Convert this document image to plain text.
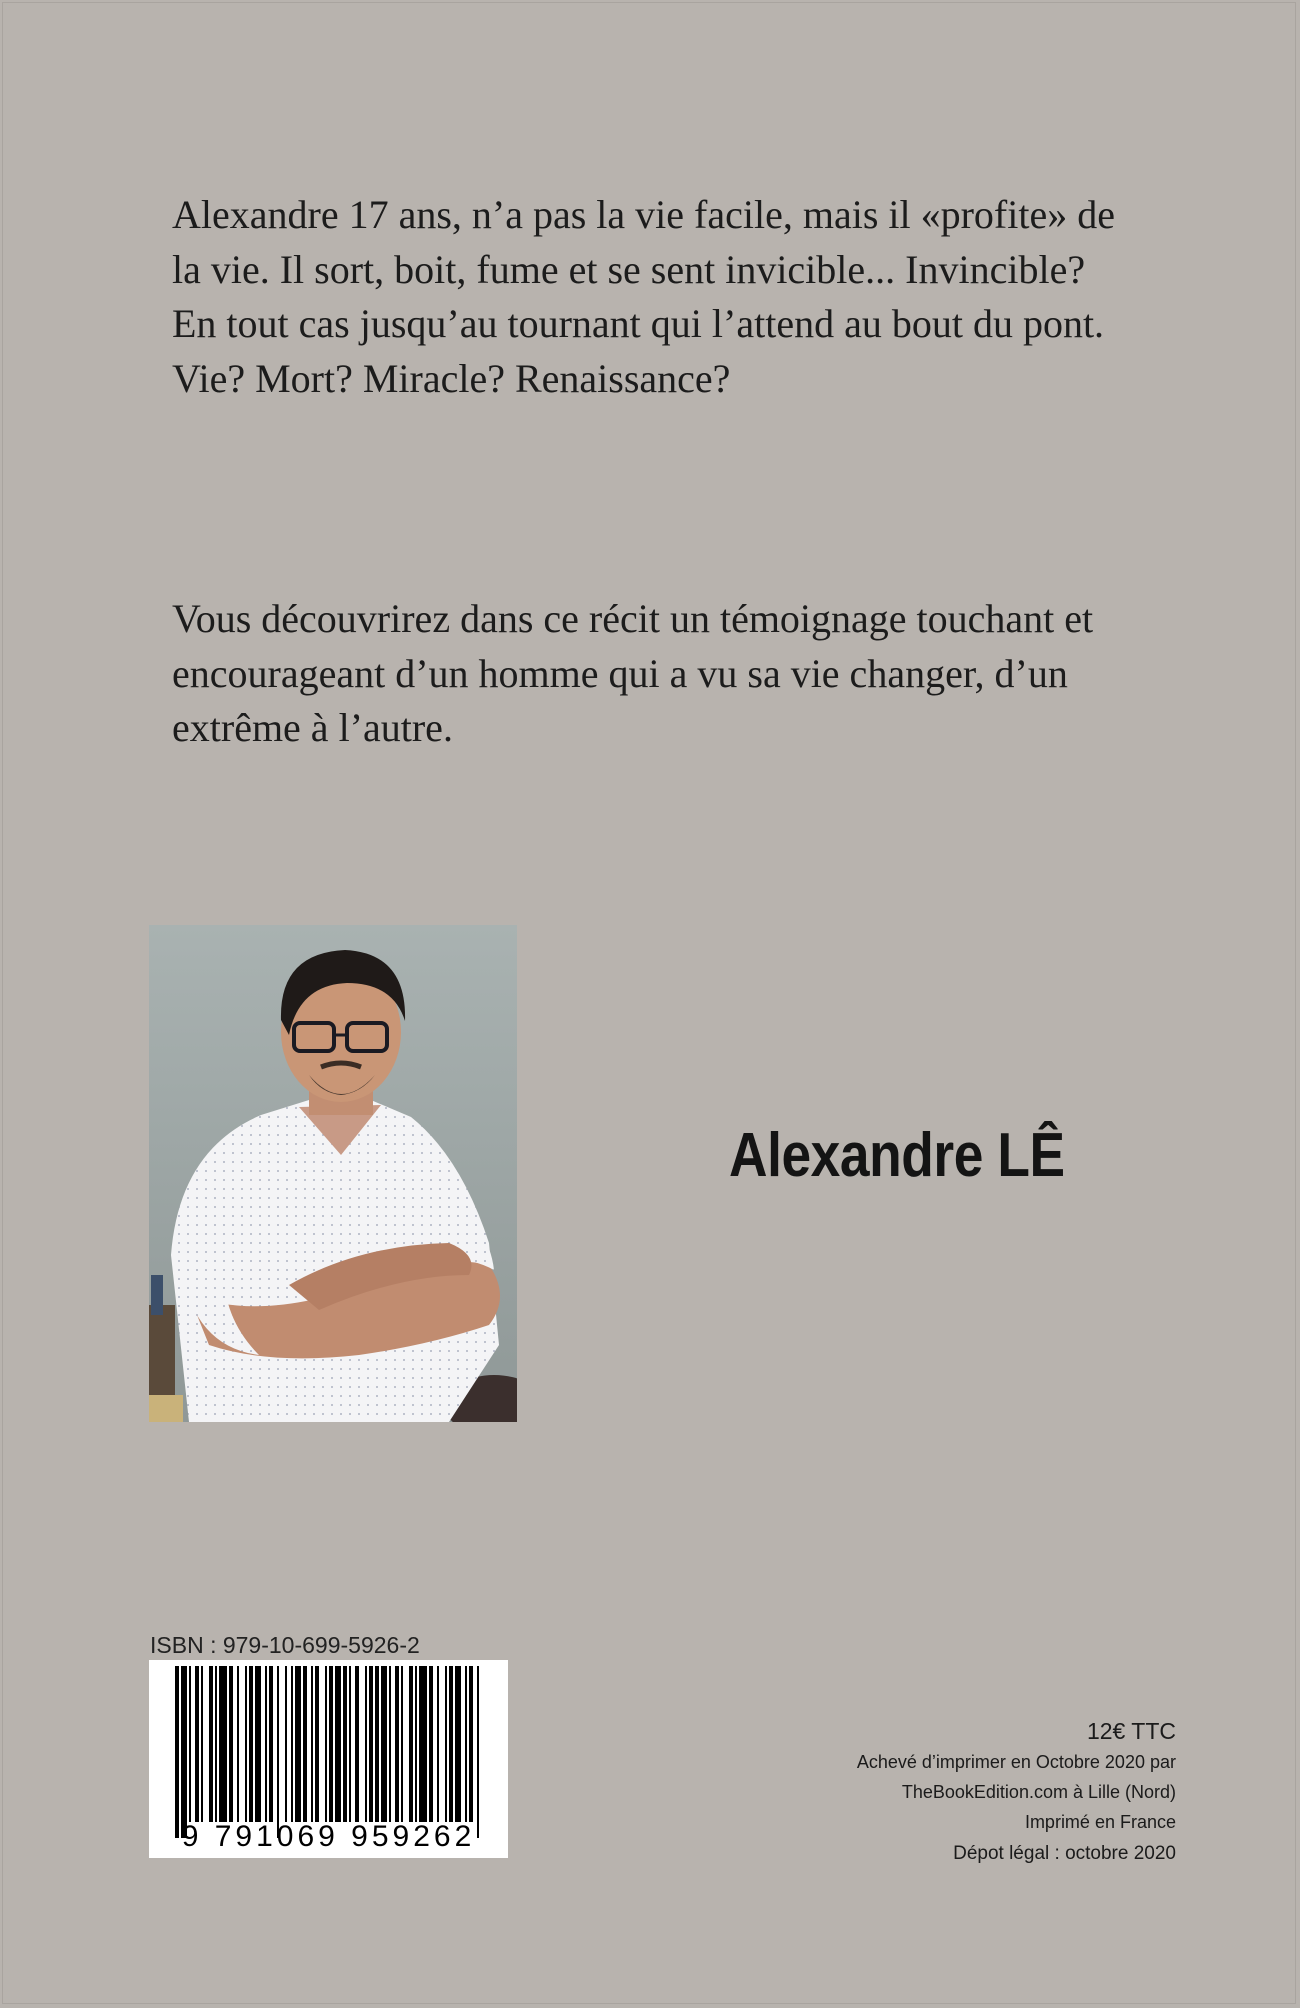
Alexandre 17 ans, n’a pas la vie facile, mais il «profite» de la vie. Il sort, boit, fume et se sent invicible... Invincible? En tout cas jusqu’au tournant qui l’attend au bout du pont. Vie? Mort? Miracle? Renaissance?
Vous découvrirez dans ce récit un témoignage touchant et encourageant d’un homme qui a vu sa vie changer, d’un extrême à l’autre.
Alexandre LÊ
ISBN : 979-10-699-5926-2
9 791069 959262
12€ TTC
Achevé d’imprimer en Octobre 2020 par
TheBookEdition.com à Lille (Nord)
Imprimé en France
Dépot légal : octobre 2020
